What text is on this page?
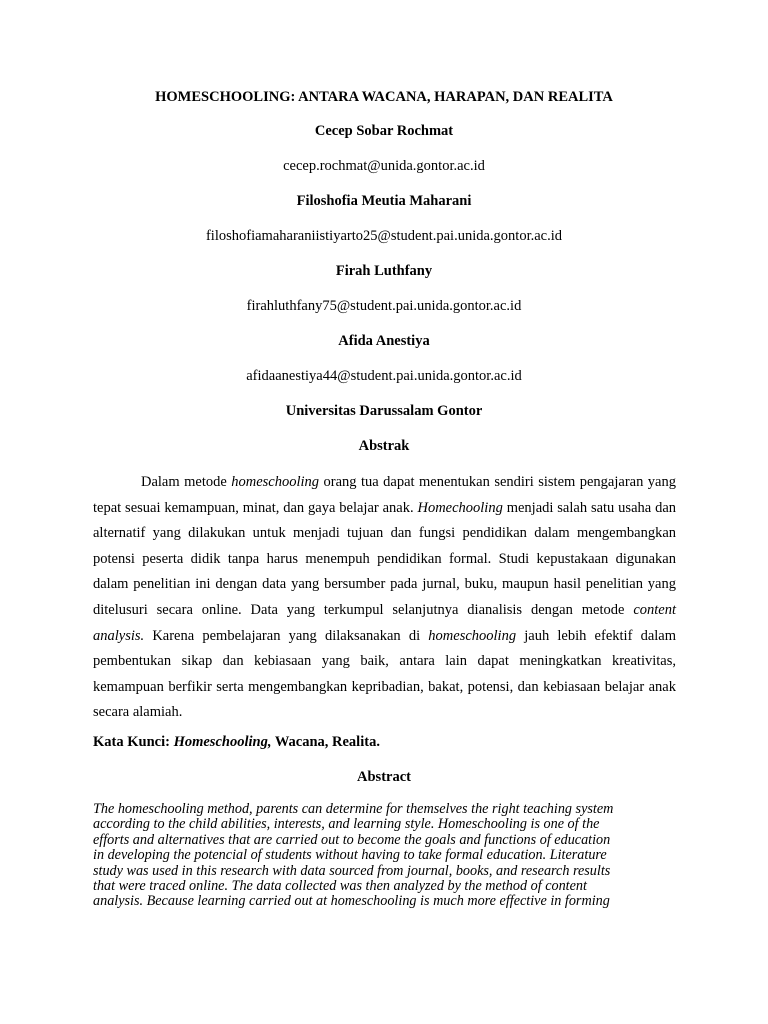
HOMESCHOOLING: ANTARA WACANA, HARAPAN, DAN REALITA
Cecep Sobar Rochmat
cecep.rochmat@unida.gontor.ac.id
Filoshofia Meutia Maharani
filoshofiamaharaniistiyarto25@student.pai.unida.gontor.ac.id
Firah Luthfany
firahluthfany75@student.pai.unida.gontor.ac.id
Afida Anestiya
afidaanestiya44@student.pai.unida.gontor.ac.id
Universitas Darussalam Gontor
Abstrak

Dalam metode homeschooling orang tua dapat menentukan sendiri sistem pengajaran yang tepat sesuai kemampuan, minat, dan gaya belajar anak. Homechooling menjadi salah satu usaha dan alternatif yang dilakukan untuk menjadi tujuan dan fungsi pendidikan dalam mengembangkan potensi peserta didik tanpa harus menempuh pendidikan formal. Studi kepustakaan digunakan dalam penelitian ini dengan data yang bersumber pada jurnal, buku, maupun hasil penelitian yang ditelusuri secara online. Data yang terkumpul selanjutnya dianalisis dengan metode content analysis. Karena pembelajaran yang dilaksanakan di homeschooling jauh lebih efektif dalam pembentukan sikap dan kebiasaan yang baik, antara lain dapat meningkatkan kreativitas, kemampuan berfikir serta mengembangkan kepribadian, bakat, potensi, dan kebiasaan belajar anak secara alamiah.

Kata Kunci: Homeschooling, Wacana, Realita.
Abstract
The homeschooling method, parents can determine for themselves the right teaching system
according to the child abilities, interests, and learning style. Homeschooling is one of the
efforts and alternatives that are carried out to become the goals and functions of education
in developing the potencial of students without having to take formal education. Literature
study was used in this research with data sourced from journal, books, and research results
that were traced online. The data collected was then analyzed by the method of content
analysis. Because learning carried out at homeschooling is much more effective in forming
